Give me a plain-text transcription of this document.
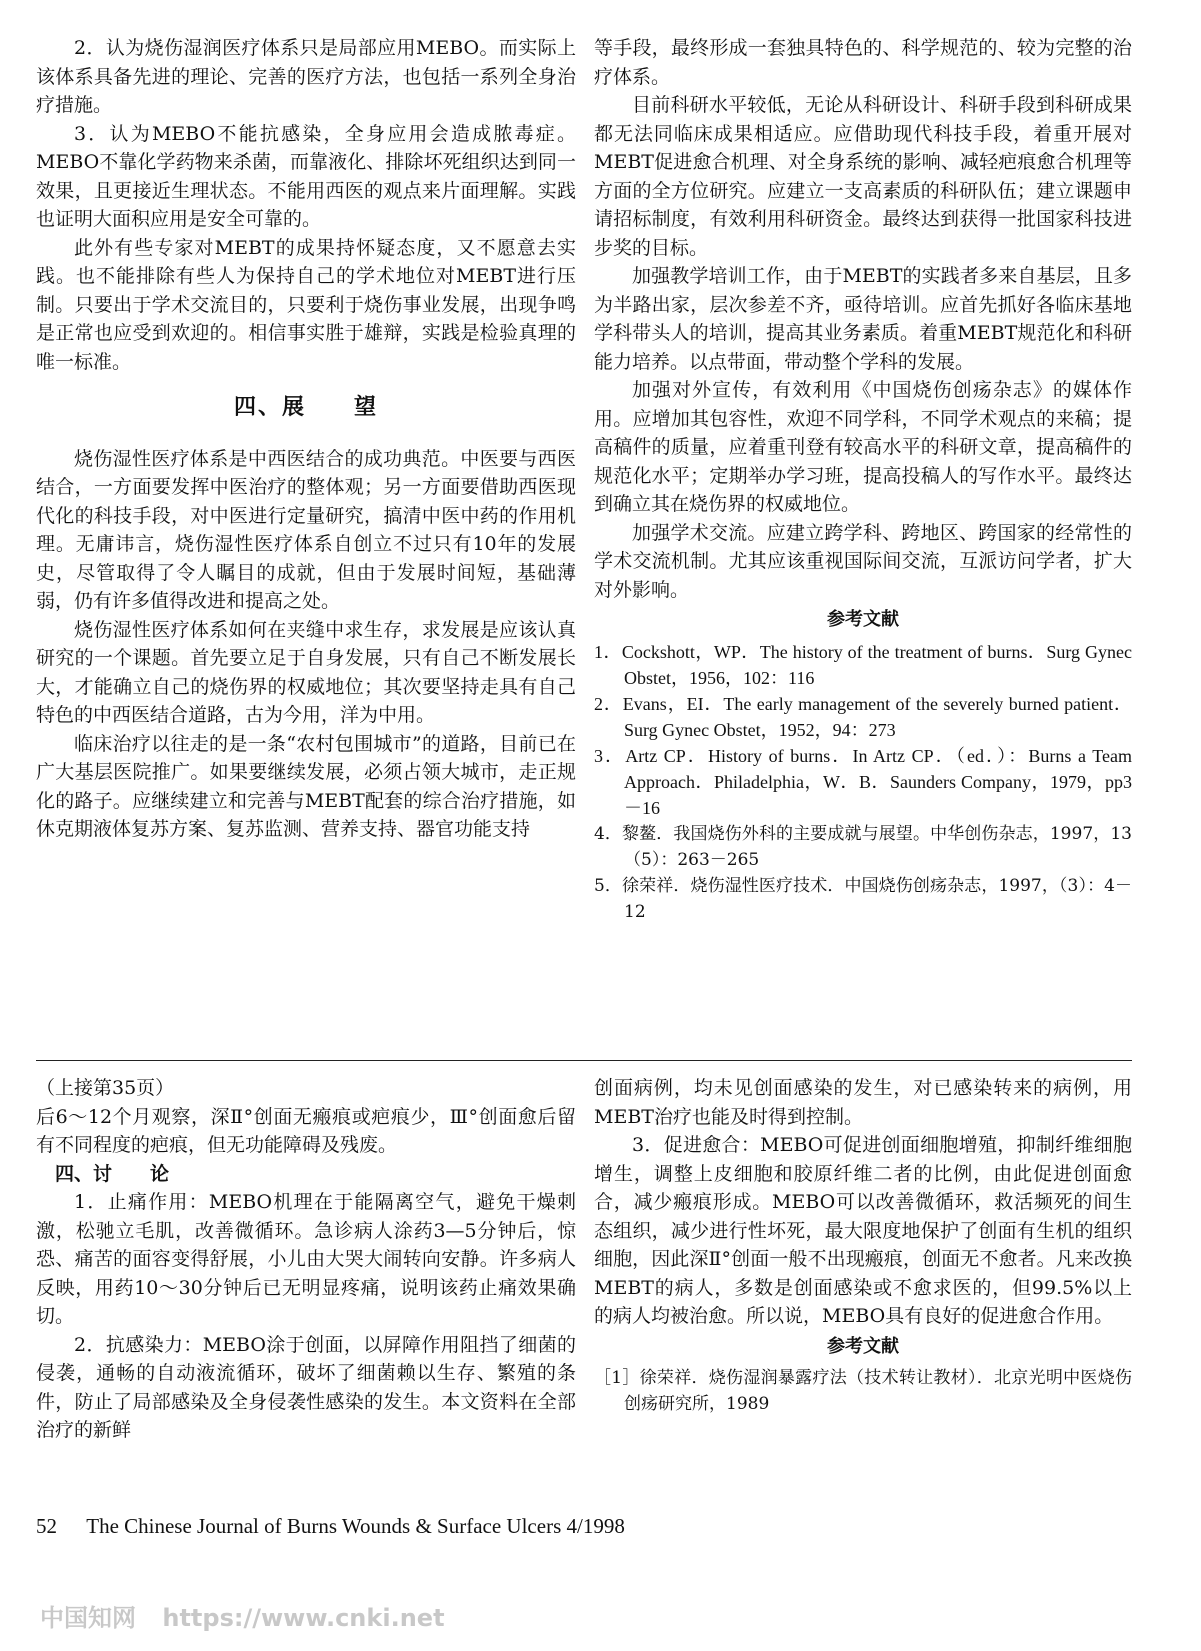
2．认为烧伤湿润医疗体系只是局部应用MEBO。而实际上该体系具备先进的理论、完善的医疗方法，也包括一系列全身治疗措施。

3．认为MEBO不能抗感染，全身应用会造成脓毒症。MEBO不靠化学药物来杀菌，而靠液化、排除坏死组织达到同一效果，且更接近生理状态。不能用西医的观点来片面理解。实践也证明大面积应用是安全可靠的。

此外有些专家对MEBT的成果持怀疑态度，又不愿意去实践。也不能排除有些人为保持自己的学术地位对MEBT进行压制。只要出于学术交流目的，只要利于烧伤事业发展，出现争鸣是正常也应受到欢迎的。相信事实胜于雄辩，实践是检验真理的唯一标准。

四、展　　望

烧伤湿性医疗体系是中西医结合的成功典范。中医要与西医结合，一方面要发挥中医治疗的整体观；另一方面要借助西医现代化的科技手段，对中医进行定量研究，搞清中医中药的作用机理。无庸讳言，烧伤湿性医疗体系自创立不过只有10年的发展史，尽管取得了令人瞩目的成就，但由于发展时间短，基础薄弱，仍有许多值得改进和提高之处。

烧伤湿性医疗体系如何在夹缝中求生存，求发展是应该认真研究的一个课题。首先要立足于自身发展，只有自己不断发展长大，才能确立自己的烧伤界的权威地位；其次要坚持走具有自己特色的中西医结合道路，古为今用，洋为中用。

临床治疗以往走的是一条“农村包围城市”的道路，目前已在广大基层医院推广。如果要继续发展，必须占领大城市，走正规化的路子。应继续建立和完善与MEBT配套的综合治疗措施，如休克期液体复苏方案、复苏监测、营养支持、器官功能支持

等手段，最终形成一套独具特色的、科学规范的、较为完整的治疗体系。

目前科研水平较低，无论从科研设计、科研手段到科研成果都无法同临床成果相适应。应借助现代科技手段，着重开展对MEBT促进愈合机理、对全身系统的影响、减轻疤痕愈合机理等方面的全方位研究。应建立一支高素质的科研队伍；建立课题申请招标制度，有效利用科研资金。最终达到获得一批国家科技进步奖的目标。

加强教学培训工作，由于MEBT的实践者多来自基层，且多为半路出家，层次参差不齐，亟待培训。应首先抓好各临床基地学科带头人的培训，提高其业务素质。着重MEBT规范化和科研能力培养。以点带面，带动整个学科的发展。

加强对外宣传，有效利用《中国烧伤创疡杂志》的媒体作用。应增加其包容性，欢迎不同学科，不同学术观点的来稿；提高稿件的质量，应着重刊登有较高水平的科研文章，提高稿件的规范化水平；定期举办学习班，提高投稿人的写作水平。最终达到确立其在烧伤界的权威地位。

加强学术交流。应建立跨学科、跨地区、跨国家的经常性的学术交流机制。尤其应该重视国际间交流，互派访问学者，扩大对外影响。

参考文献

1．Cockshott，WP．The history of the treatment of burns．Surg Gynec Obstet，1956，102：116

2．Evans，EI．The early management of the severely burned patient．Surg Gynec Obstet，1952，94：273

3．Artz CP．History of burns．In Artz CP．（ed．）：Burns a Team Approach．Philadelphia，W．B．Saunders Company，1979，pp3－16

4．黎鳌．我国烧伤外科的主要成就与展望。中华创伤杂志，1997，13（5）：263－265

5．徐荣祥．烧伤湿性医疗技术．中国烧伤创疡杂志，1997，（3）：4－12

（上接第35页）

后6～12个月观察，深Ⅱ°创面无瘢痕或疤痕少，Ⅲ°创面愈后留有不同程度的疤痕，但无功能障碍及残废。

四、讨　　论

1．止痛作用：MEBO机理在于能隔离空气，避免干燥刺激，松驰立毛肌，改善微循环。急诊病人涂药3—5分钟后，惊恐、痛苦的面容变得舒展，小儿由大哭大闹转向安静。许多病人反映，用药10～30分钟后已无明显疼痛，说明该药止痛效果确切。

2．抗感染力：MEBO涂于创面，以屏障作用阻挡了细菌的侵袭，通畅的自动液流循环，破坏了细菌赖以生存、繁殖的条件，防止了局部感染及全身侵袭性感染的发生。本文资料在全部治疗的新鲜

创面病例，均未见创面感染的发生，对已感染转来的病例，用MEBT治疗也能及时得到控制。

3．促进愈合：MEBO可促进创面细胞增殖，抑制纤维细胞增生，调整上皮细胞和胶原纤维二者的比例，由此促进创面愈合，减少瘢痕形成。MEBO可以改善微循环，救活频死的间生态组织，减少进行性坏死，最大限度地保护了创面有生机的组织细胞，因此深Ⅱ°创面一般不出现瘢痕，创面无不愈者。凡来改换MEBT的病人，多数是创面感染或不愈求医的，但99.5%以上的病人均被治愈。所以说，MEBO具有良好的促进愈合作用。

参考文献

［1］徐荣祥．烧伤湿润暴露疗法（技术转让教材）．北京光明中医烧伤创疡研究所，1989

52 The Chinese Journal of Burns Wounds & Surface Ulcers 4/1998
中国知网 https://www.cnki.net
